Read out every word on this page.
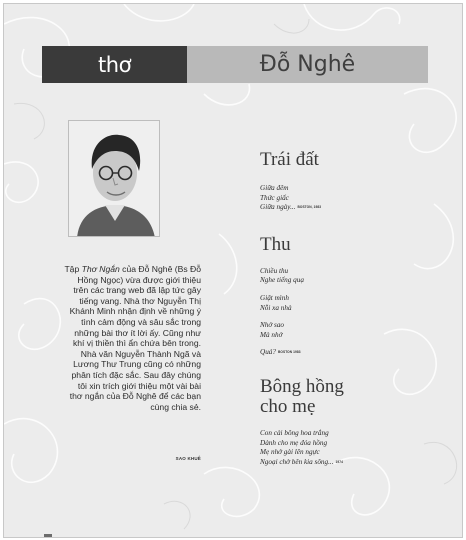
thơ	Đỗ Nghê
Tập Thơ Ngắn của Đỗ Nghê (Bs Đỗ Hồng Ngọc) vừa được giới thiệu trên các trang web đã lập tức gây tiếng vang. Nhà thơ Nguyễn Thị Khánh Minh nhận định về những ý tình cảm động và sâu sắc trong những bài thơ ít lời ấy. Cũng như khí vị thiền thì ẩn chứa bên trong. Nhà văn Nguyễn Thành Ngã và Lương Thư Trung cũng có những phân tích đặc sắc. Sau đây chúng tôi xin trích giới thiệu một vài bài thơ ngắn của Đỗ Nghê để các bạn cùng chia sẻ.
SAO KHUÊ
Trái đất
Giữa đêm
Thức giấc
Giữa ngày... BOSTON, 1983
Thu
Chiều thu
Nghe tiếng quạ
Giật mình
Nỗi xa nhà
Nhớ sao
Mà nhớ
Quá? BOSTON 1983
Bông hồng
cho mẹ
Con cài bông hoa trắng
Dành cho mẹ đóa hồng
Mẹ nhớ gài lên ngực
Ngoại chờ bên kia sông... 1974
